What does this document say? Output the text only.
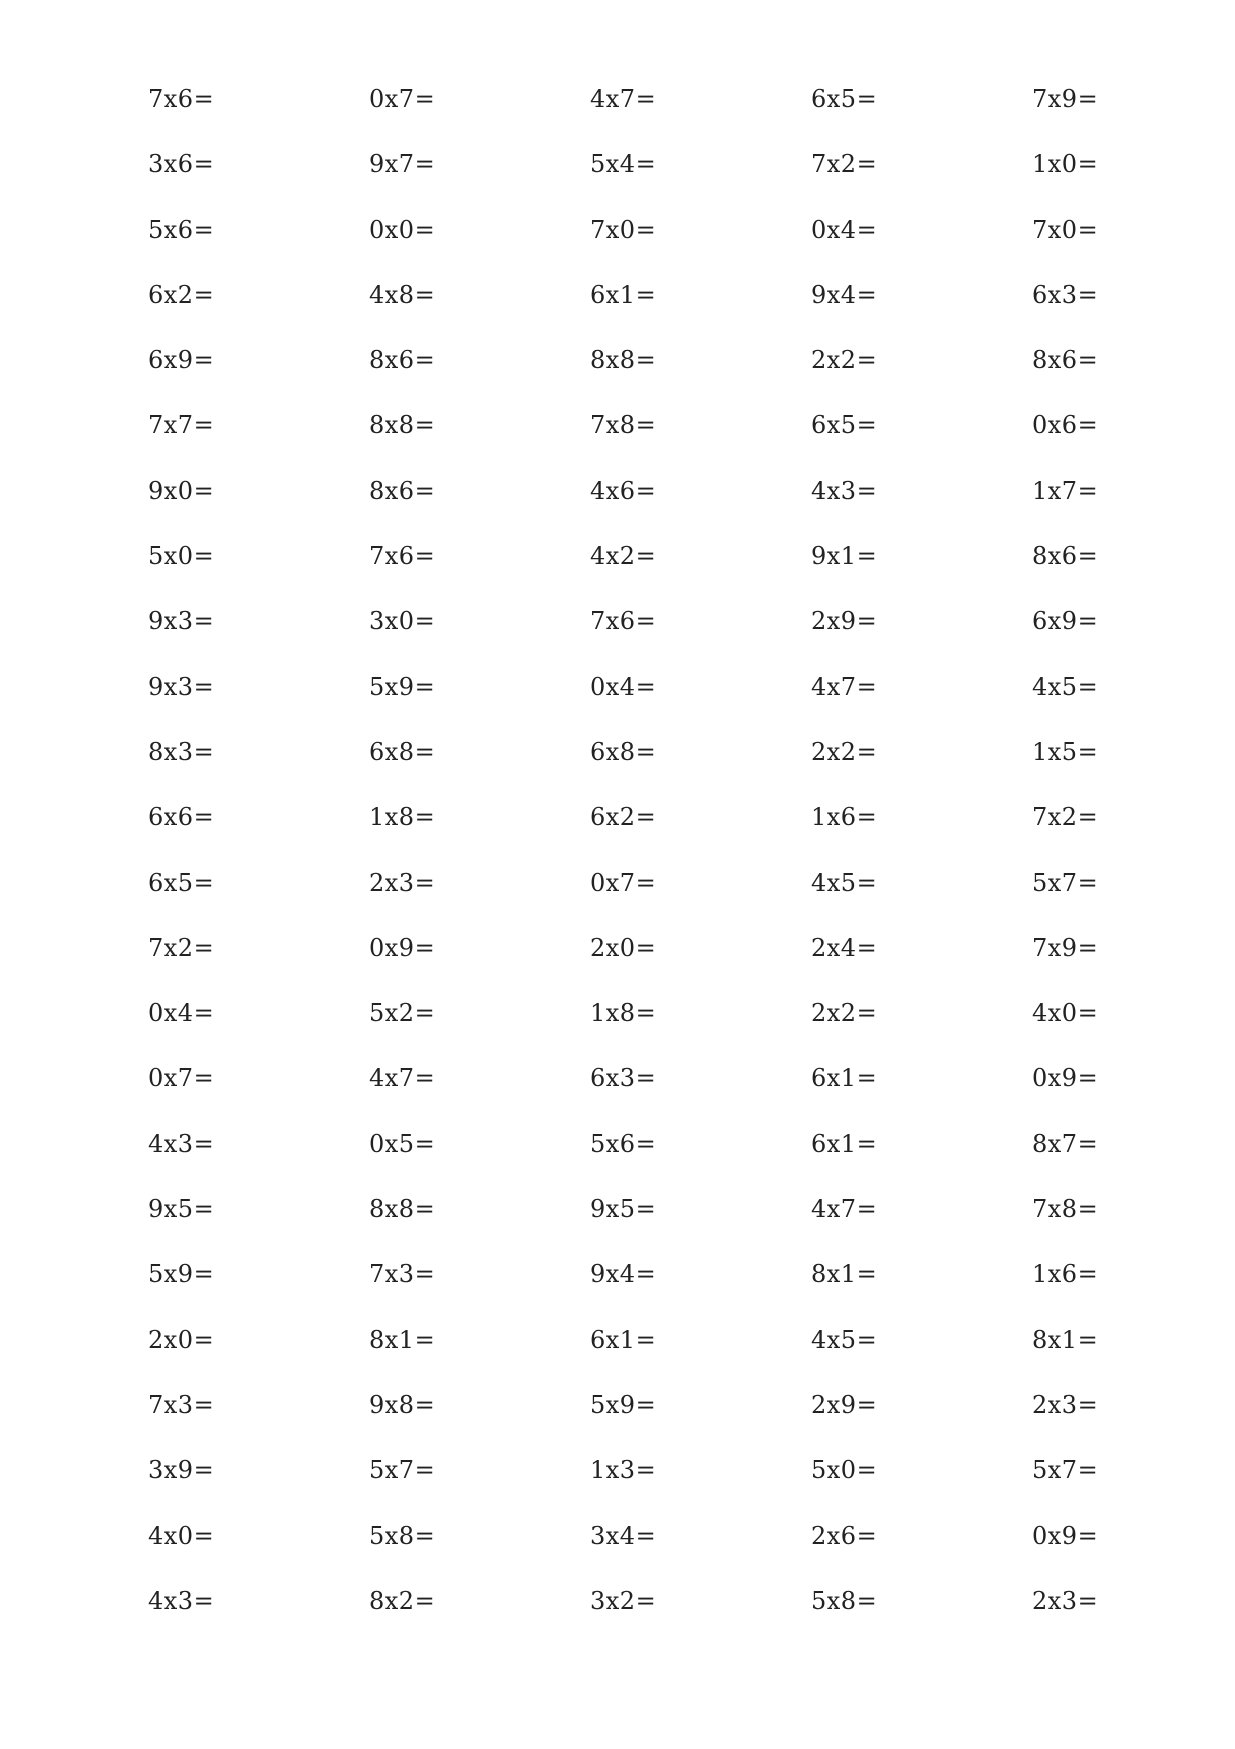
7x6=	0x7=	4x7=	6x5=	7x9=
3x6=	9x7=	5x4=	7x2=	1x0=
5x6=	0x0=	7x0=	0x4=	7x0=
6x2=	4x8=	6x1=	9x4=	6x3=
6x9=	8x6=	8x8=	2x2=	8x6=
7x7=	8x8=	7x8=	6x5=	0x6=
9x0=	8x6=	4x6=	4x3=	1x7=
5x0=	7x6=	4x2=	9x1=	8x6=
9x3=	3x0=	7x6=	2x9=	6x9=
9x3=	5x9=	0x4=	4x7=	4x5=
8x3=	6x8=	6x8=	2x2=	1x5=
6x6=	1x8=	6x2=	1x6=	7x2=
6x5=	2x3=	0x7=	4x5=	5x7=
7x2=	0x9=	2x0=	2x4=	7x9=
0x4=	5x2=	1x8=	2x2=	4x0=
0x7=	4x7=	6x3=	6x1=	0x9=
4x3=	0x5=	5x6=	6x1=	8x7=
9x5=	8x8=	9x5=	4x7=	7x8=
5x9=	7x3=	9x4=	8x1=	1x6=
2x0=	8x1=	6x1=	4x5=	8x1=
7x3=	9x8=	5x9=	2x9=	2x3=
3x9=	5x7=	1x3=	5x0=	5x7=
4x0=	5x8=	3x4=	2x6=	0x9=
4x3=	8x2=	3x2=	5x8=	2x3=
